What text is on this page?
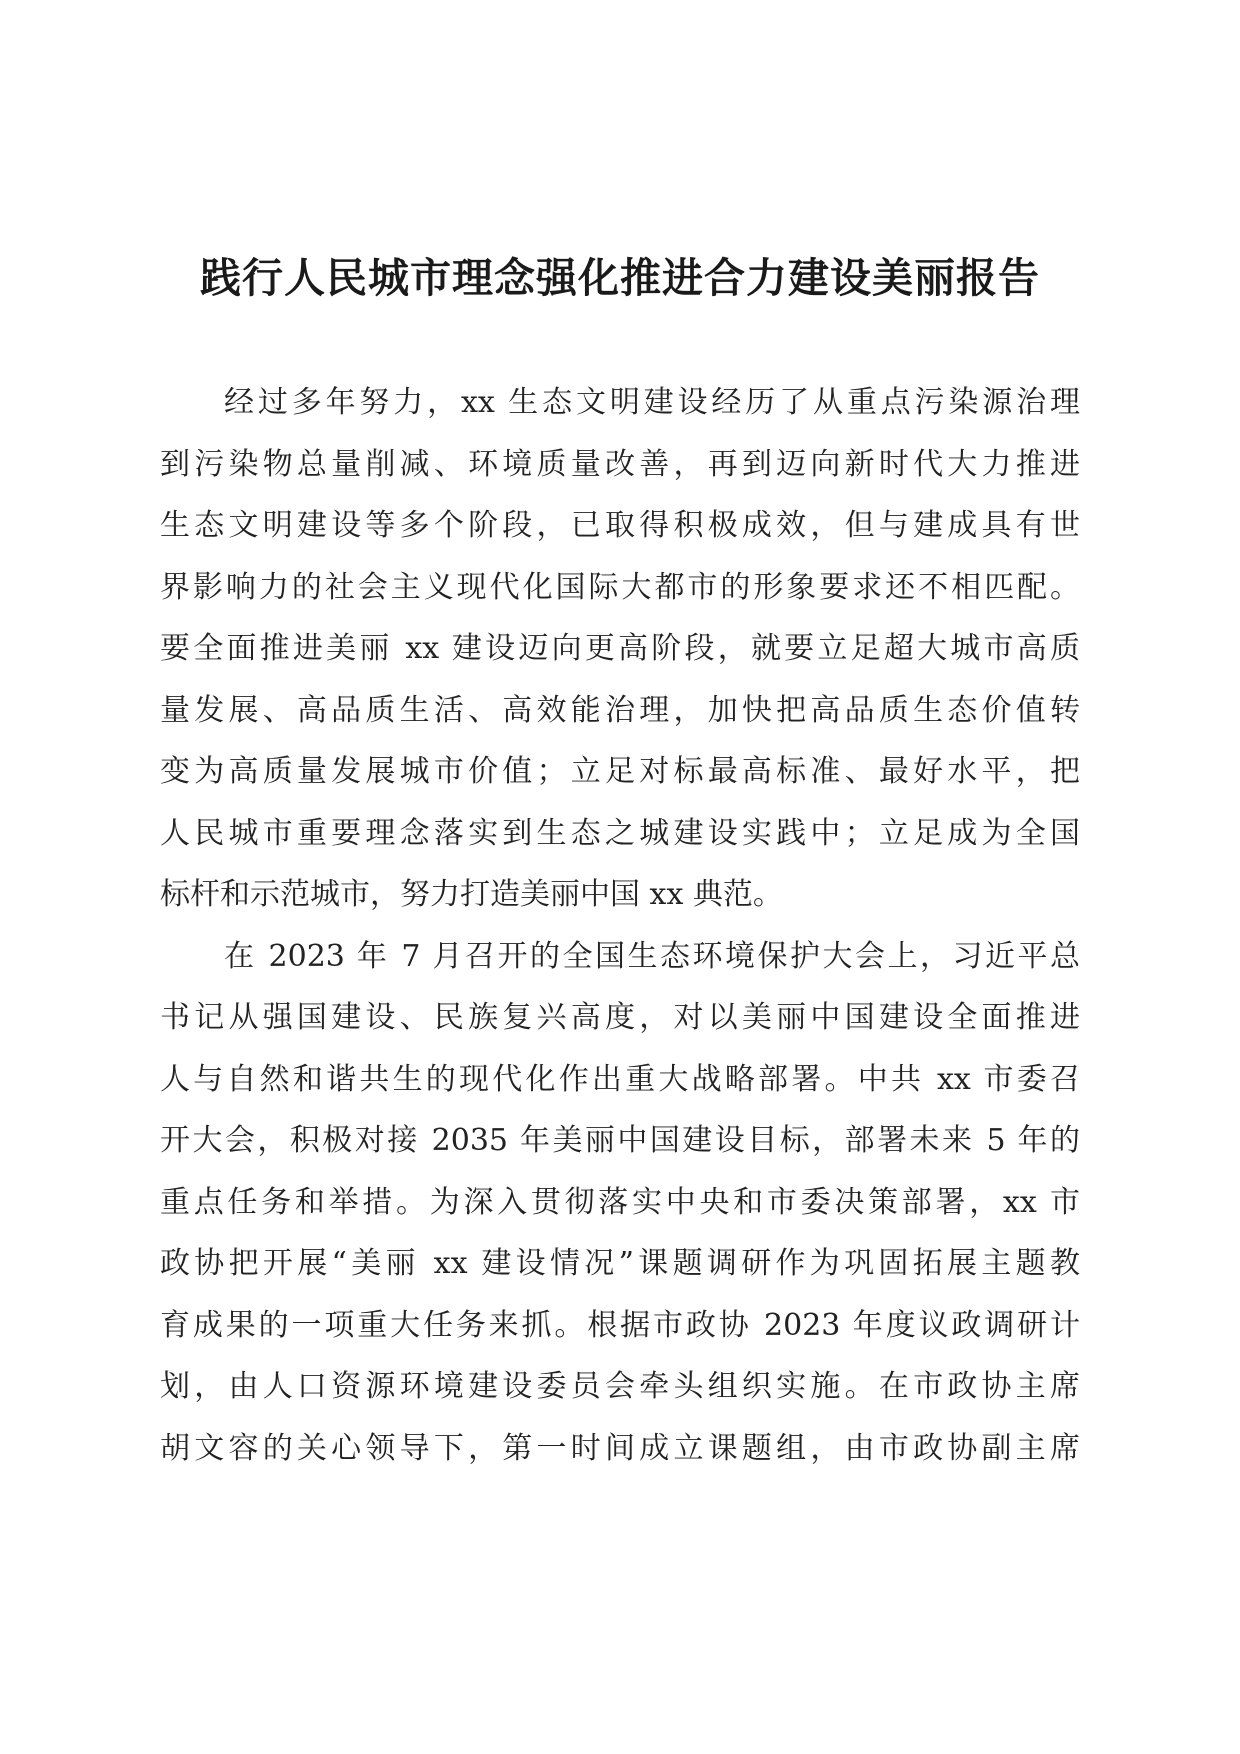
践行人民城市理念强化推进合力建设美丽报告

经过多年努力，xx 生态文明建设经历了从重点污染源治理
到污染物总量削减、环境质量改善，再到迈向新时代大力推进
生态文明建设等多个阶段，已取得积极成效，但与建成具有世
界影响力的社会主义现代化国际大都市的形象要求还不相匹配。
要全面推进美丽 xx 建设迈向更高阶段，就要立足超大城市高质
量发展、高品质生活、高效能治理，加快把高品质生态价值转
变为高质量发展城市价值；立足对标最高标准、最好水平，把
人民城市重要理念落实到生态之城建设实践中；立足成为全国
标杆和示范城市，努力打造美丽中国 xx 典范。

在 2023 年 7 月召开的全国生态环境保护大会上，习近平总
书记从强国建设、民族复兴高度，对以美丽中国建设全面推进
人与自然和谐共生的现代化作出重大战略部署。中共 xx 市委召
开大会，积极对接 2035 年美丽中国建设目标，部署未来 5 年的
重点任务和举措。为深入贯彻落实中央和市委决策部署，xx 市
政协把开展“美丽 xx 建设情况”课题调研作为巩固拓展主题教
育成果的一项重大任务来抓。根据市政协 2023 年度议政调研计
划，由人口资源环境建设委员会牵头组织实施。在市政协主席
胡文容的关心领导下，第一时间成立课题组，由市政协副主席
